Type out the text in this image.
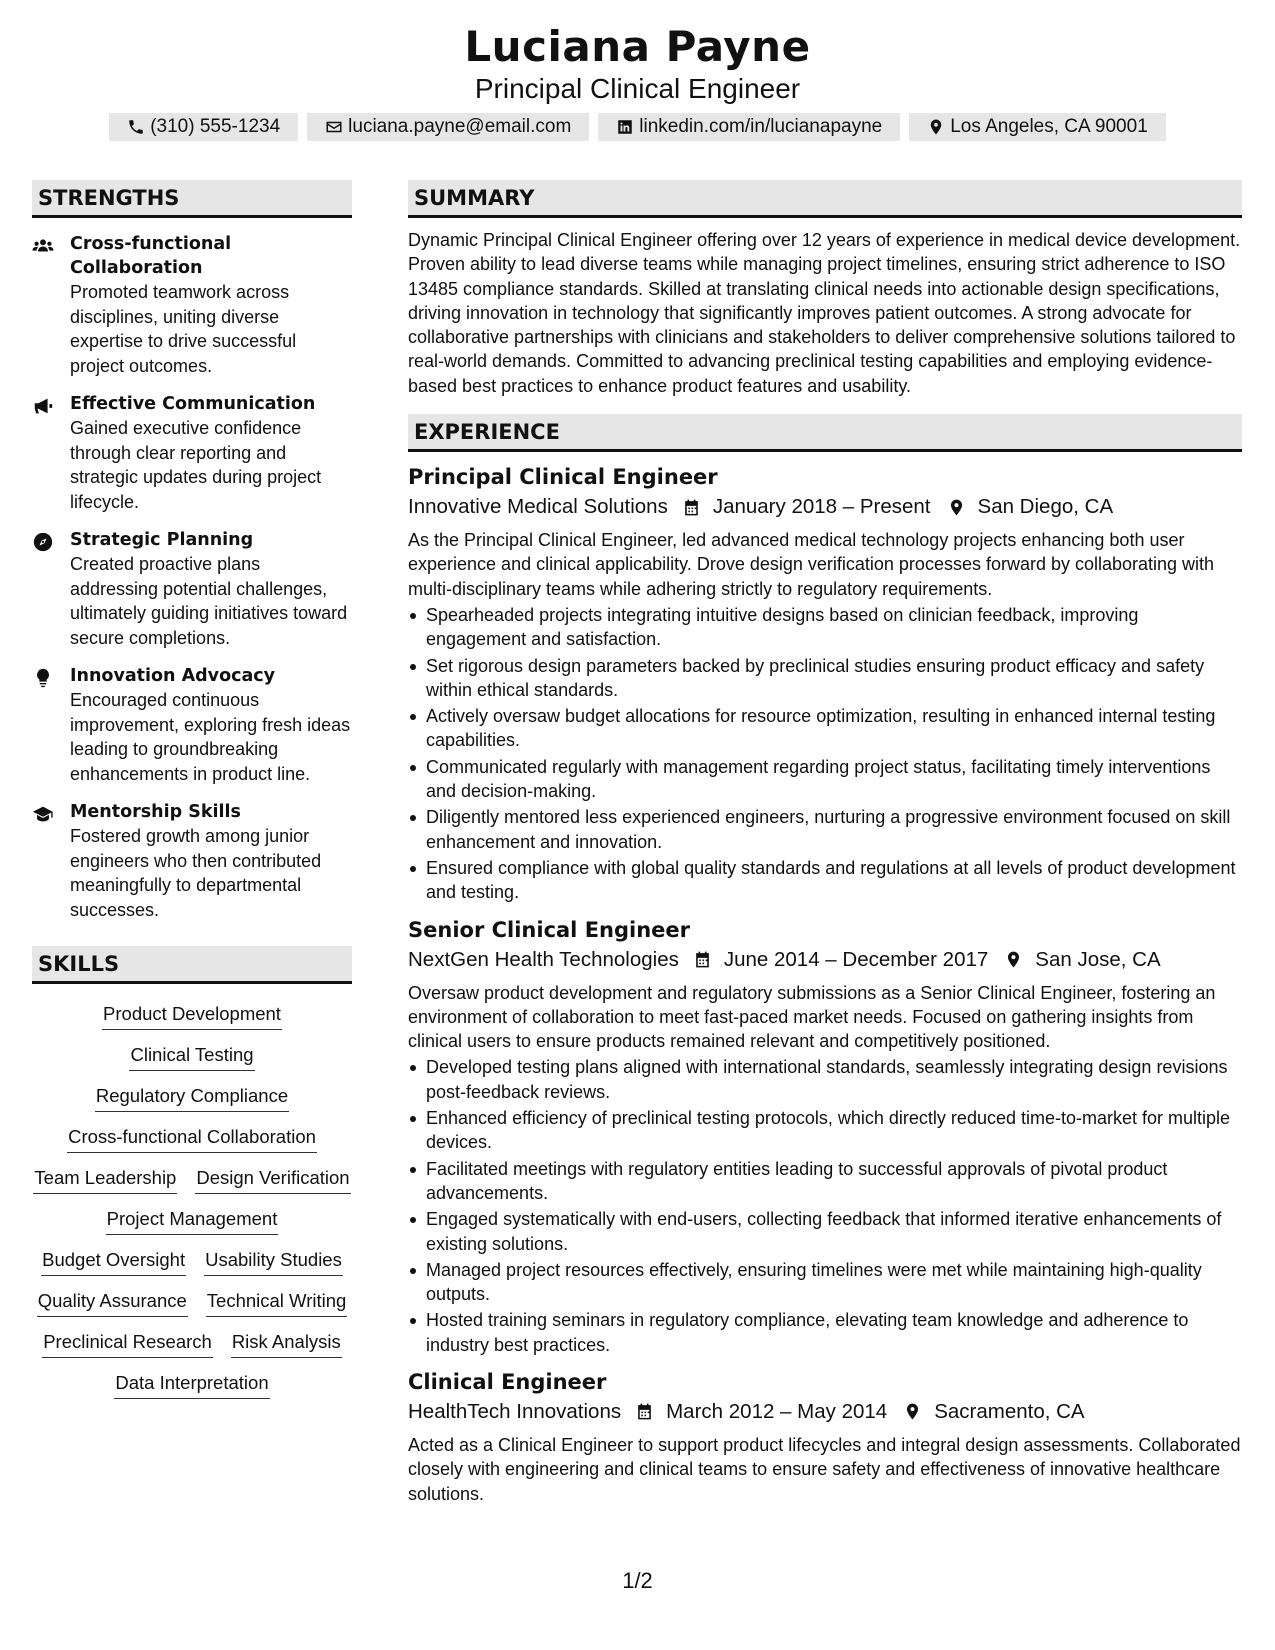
Luciana Payne
Principal Clinical Engineer
(310) 555-1234	luciana.payne@email.com	linkedin.com/in/lucianapayne	Los Angeles, CA 90001
STRENGTHS
Cross-functional Collaboration
Promoted teamwork across disciplines, uniting diverse expertise to drive successful project outcomes.
Effective Communication
Gained executive confidence through clear reporting and strategic updates during project lifecycle.
Strategic Planning
Created proactive plans addressing potential challenges, ultimately guiding initiatives toward secure completions.
Innovation Advocacy
Encouraged continuous improvement, exploring fresh ideas leading to groundbreaking enhancements in product line.
Mentorship Skills
Fostered growth among junior engineers who then contributed meaningfully to departmental successes.
SKILLS
Product Development
Clinical Testing
Regulatory Compliance
Cross-functional Collaboration
Team Leadership Design Verification
Project Management
Budget Oversight Usability Studies
Quality Assurance Technical Writing
Preclinical Research Risk Analysis
Data Interpretation
SUMMARY
Dynamic Principal Clinical Engineer offering over 12 years of experience in medical device development. Proven ability to lead diverse teams while managing project timelines, ensuring strict adherence to ISO 13485 compliance standards. Skilled at translating clinical needs into actionable design specifications, driving innovation in technology that significantly improves patient outcomes. A strong advocate for collaborative partnerships with clinicians and stakeholders to deliver comprehensive solutions tailored to real-world demands. Committed to advancing preclinical testing capabilities and employing evidence-based best practices to enhance product features and usability.
EXPERIENCE
Principal Clinical Engineer
Innovative Medical Solutions January 2018 – Present San Diego, CA
As the Principal Clinical Engineer, led advanced medical technology projects enhancing both user experience and clinical applicability. Drove design verification processes forward by collaborating with multi-disciplinary teams while adhering strictly to regulatory requirements.
Spearheaded projects integrating intuitive designs based on clinician feedback, improving engagement and satisfaction.
Set rigorous design parameters backed by preclinical studies ensuring product efficacy and safety within ethical standards.
Actively oversaw budget allocations for resource optimization, resulting in enhanced internal testing capabilities.
Communicated regularly with management regarding project status, facilitating timely interventions and decision-making.
Diligently mentored less experienced engineers, nurturing a progressive environment focused on skill enhancement and innovation.
Ensured compliance with global quality standards and regulations at all levels of product development and testing.
Senior Clinical Engineer
NextGen Health Technologies June 2014 – December 2017 San Jose, CA
Oversaw product development and regulatory submissions as a Senior Clinical Engineer, fostering an environment of collaboration to meet fast-paced market needs. Focused on gathering insights from clinical users to ensure products remained relevant and competitively positioned.
Developed testing plans aligned with international standards, seamlessly integrating design revisions post-feedback reviews.
Enhanced efficiency of preclinical testing protocols, which directly reduced time-to-market for multiple devices.
Facilitated meetings with regulatory entities leading to successful approvals of pivotal product advancements.
Engaged systematically with end-users, collecting feedback that informed iterative enhancements of existing solutions.
Managed project resources effectively, ensuring timelines were met while maintaining high-quality outputs.
Hosted training seminars in regulatory compliance, elevating team knowledge and adherence to industry best practices.
Clinical Engineer
HealthTech Innovations March 2012 – May 2014 Sacramento, CA
Acted as a Clinical Engineer to support product lifecycles and integral design assessments. Collaborated closely with engineering and clinical teams to ensure safety and effectiveness of innovative healthcare solutions.
1/2
